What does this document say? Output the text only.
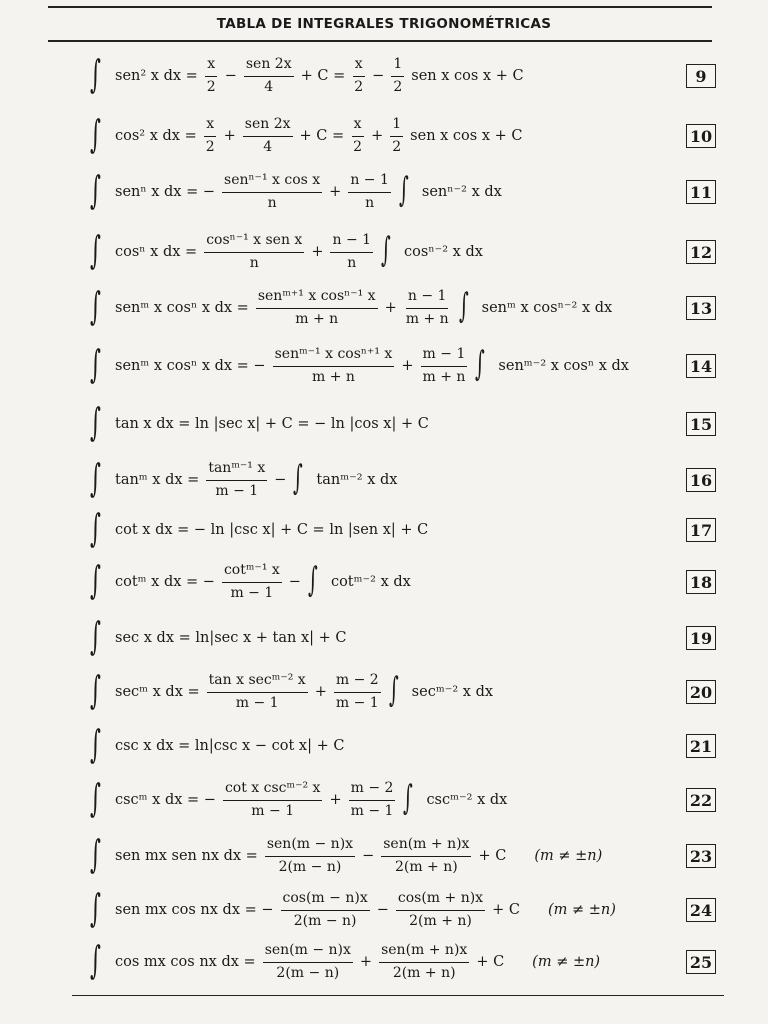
TABLA DE INTEGRALES TRIGONOMÉTRICAS
∫ sen² x dx = $\frac{x}{2} - \frac{\text{sen 2x}}{4} + C = \frac{x}{2} - \frac{1}{2}$ sen x cos x + C	9
∫ cos² x dx = $\frac{x}{2} + \frac{\text{sen 2x}}{4} + C = \frac{x}{2} + \frac{1}{2}$ sen x cos x + C	10
∫ senⁿ x dx = − $\frac{\text{senⁿ⁻¹ x cos x}}{n} + \frac{n - 1}{n}$ ∫ senⁿ⁻² x dx	11
∫ cosⁿ x dx = $\frac{\text{cosⁿ⁻¹ x sen x}}{n} + \frac{n - 1}{n}$ ∫ cosⁿ⁻² x dx	12
∫ senᵐ x cosⁿ x dx = $\frac{\text{senᵐ⁺¹ x cosⁿ⁻¹ x}}{m + n} + \frac{n - 1}{m + n}$ ∫ senᵐ x cosⁿ⁻² x dx	13
∫ senᵐ x cosⁿ x dx = − $\frac{\text{senᵐ⁻¹ x cosⁿ⁺¹ x}}{m + n} + \frac{m - 1}{m + n}$ ∫ senᵐ⁻² x cosⁿ x dx	14
∫ tan x dx = ln |sec x| + C = − ln |cos x| + C	15
∫ tanᵐ x dx = $\frac{\text{tanᵐ⁻¹ x}}{m - 1}$ − ∫ tanᵐ⁻² x dx	16
∫ cot x dx = − ln |csc x| + C = ln |sen x| + C	17
∫ cotᵐ x dx = − $\frac{\text{cotᵐ⁻¹ x}}{m - 1}$ − ∫ cotᵐ⁻² x dx	18
∫ sec x dx = ln|sec x + tan x| + C	19
∫ secᵐ x dx = $\frac{\text{tan x secᵐ⁻² x}}{m - 1} + \frac{m - 2}{m - 1}$ ∫ secᵐ⁻² x dx	20
∫ csc x dx = ln|csc x − cot x| + C	21
∫ cscᵐ x dx = − $\frac{\text{cot x cscᵐ⁻² x}}{m - 1} + \frac{m - 2}{m - 1}$ ∫ cscᵐ⁻² x dx	22
∫ sen mx sen nx dx = $\frac{\text{sen(m − n)x}}{2(m - n)} - \frac{\text{sen(m + n)x}}{2(m + n)} + C$ (m ≠ ±n)	23
∫ sen mx cos nx dx = − $\frac{\cos(m - n)x}{2(m - n)} - \frac{\cos(m + n)x}{2(m + n)} + C$ (m ≠ ±n)	24
∫ cos mx cos nx dx = $\frac{\text{sen(m − n)x}}{2(m - n)} + \frac{\text{sen(m + n)x}}{2(m + n)} + C$ (m ≠ ±n)	25
